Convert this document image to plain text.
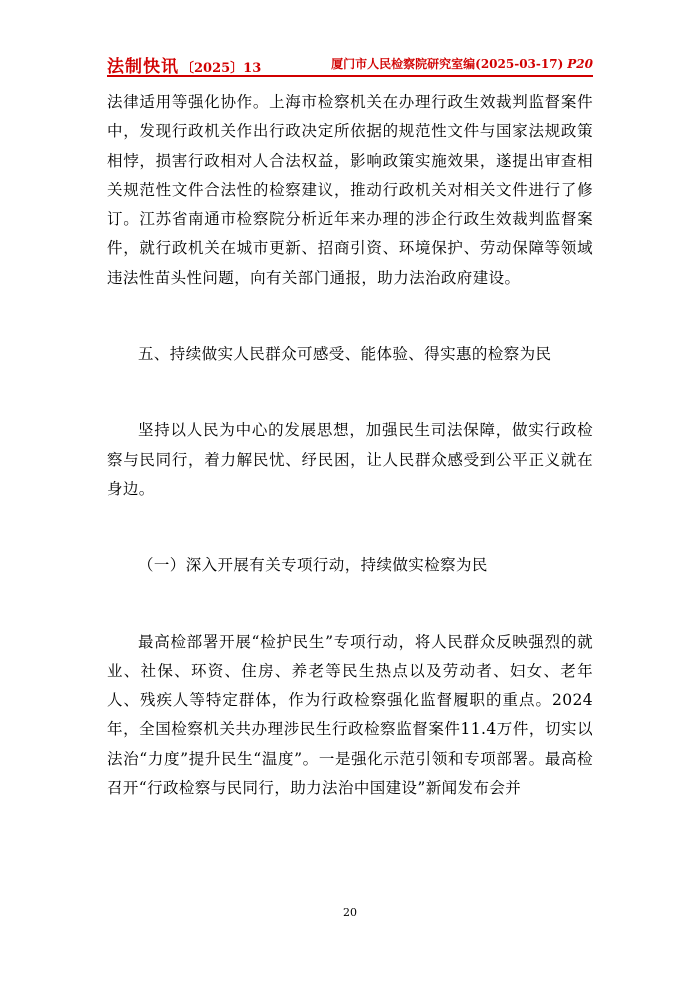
法制快讯 〔2025〕13	厦门市人民检察院研究室编(2025-03-17) P20

法律适用等强化协作。上海市检察机关在办理行政生效裁判监督案件中，发现行政机关作出行政决定所依据的规范性文件与国家法规政策相悖，损害行政相对人合法权益，影响政策实施效果，遂提出审查相关规范性文件合法性的检察建议，推动行政机关对相关文件进行了修订。江苏省南通市检察院分析近年来办理的涉企行政生效裁判监督案件，就行政机关在城市更新、招商引资、环境保护、劳动保障等领域违法性苗头性问题，向有关部门通报，助力法治政府建设。

五、持续做实人民群众可感受、能体验、得实惠的检察为民

坚持以人民为中心的发展思想，加强民生司法保障，做实行政检察与民同行，着力解民忧、纾民困，让人民群众感受到公平正义就在身边。

（一）深入开展有关专项行动，持续做实检察为民

最高检部署开展“检护民生”专项行动，将人民群众反映强烈的就业、社保、环资、住房、养老等民生热点以及劳动者、妇女、老年人、残疾人等特定群体，作为行政检察强化监督履职的重点。2024年，全国检察机关共办理涉民生行政检察监督案件11.4万件，切实以法治“力度”提升民生“温度”。一是强化示范引领和专项部署。最高检召开“行政检察与民同行，助力法治中国建设”新闻发布会并

20
